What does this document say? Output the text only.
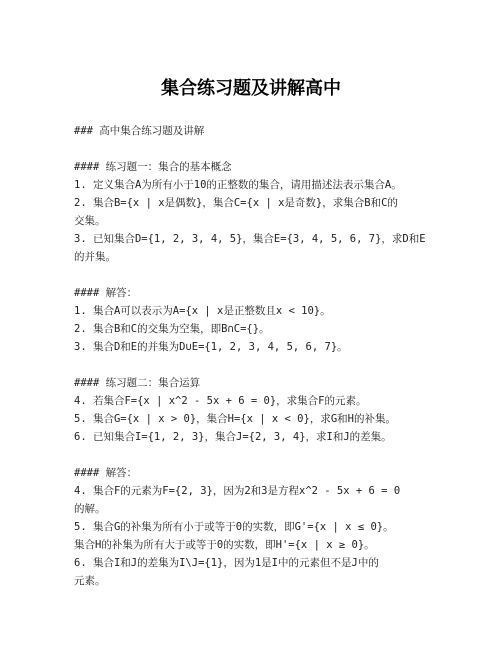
集合练习题及讲解高中
### 高中集合练习题及讲解
#### 练习题一：集合的基本概念
1. 定义集合A为所有小于10的正整数的集合，请用描述法表示集合A。
2. 集合B={x | x是偶数}，集合C={x | x是奇数}，求集合B和C的
交集。
3. 已知集合D={1, 2, 3, 4, 5}，集合E={3, 4, 5, 6, 7}，求D和E
的并集。
#### 解答：
1. 集合A可以表示为A={x | x是正整数且x < 10}。
2. 集合B和C的交集为空集，即B∩C={}。
3. 集合D和E的并集为D∪E={1, 2, 3, 4, 5, 6, 7}。
#### 练习题二：集合运算
4. 若集合F={x | x^2 - 5x + 6 = 0}，求集合F的元素。
5. 集合G={x | x > 0}，集合H={x | x < 0}，求G和H的补集。
6. 已知集合I={1, 2, 3}，集合J={2, 3, 4}，求I和J的差集。
#### 解答：
4. 集合F的元素为F={2, 3}，因为2和3是方程x^2 - 5x + 6 = 0
的解。
5. 集合G的补集为所有小于或等于0的实数，即G'={x | x ≤ 0}。
集合H的补集为所有大于或等于0的实数，即H'={x | x ≥ 0}。
6. 集合I和J的差集为I\J={1}，因为1是I中的元素但不是J中的
元素。
